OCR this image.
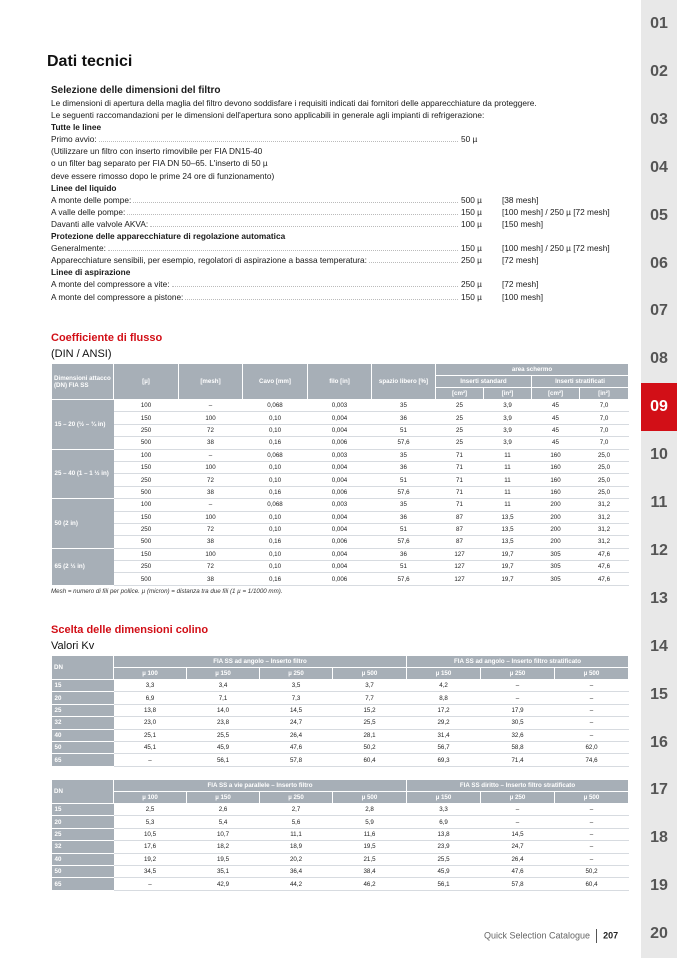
01
02
03
04
05
06
07
08
09
10
11
12
13
14
15
16
17
18
19
20
Dati tecnici
Selezione delle dimensioni del filtro
Le dimensioni di apertura della maglia del filtro devono soddisfare i requisiti indicati dai fornitori delle apparecchiature da proteggere.
Le seguenti raccomandazioni per le dimensioni dell'apertura sono applicabili in generale agli impianti di refrigerazione:
Tutte le linee
Primo avvio:	50 µ
(Utilizzare un filtro con inserto rimovibile per FIA DN15-40
o un filter bag separato per FIA DN 50–65. L'inserto di 50 µ
deve essere rimosso dopo le prime 24 ore di funzionamento)
Linee del liquido
A monte delle pompe:	500 µ [38 mesh]
A valle delle pompe:	150 µ [100 mesh] / 250 µ [72 mesh]
Davanti alle valvole AKVA:	100 µ [150 mesh]
Protezione delle apparecchiature di regolazione automatica
Generalmente:	150 µ [100 mesh] / 250 µ [72 mesh]
Apparecchiature sensibili, per esempio, regolatori di aspirazione a bassa temperatura:	250 µ [72 mesh]
Linee di aspirazione
A monte del compressore a vite:	250 µ [72 mesh]
A monte del compressore a pistone:	150 µ [100 mesh]
Coefficiente di flusso
(DIN / ANSI)
Dimensioni attacco (DN) FIA SS	[µ]	[mesh]	Cavo [mm]	filo [in]	spazio libero [%]	area schermo			
						Inserti standard		Inserti stratificati	
						[cm²]	[in²]	[cm²]	[in²]
15 – 20 (½ – ¾ in)	100	–	0,068	0,003	35	25	3,9	45	7,0
	150	100	0,10	0,004	36	25	3,9	45	7,0
	250	72	0,10	0,004	51	25	3,9	45	7,0
	500	38	0,16	0,006	57,6	25	3,9	45	7,0
25 – 40 (1 – 1 ½ in)	100	–	0,068	0,003	35	71	11	160	25,0
	150	100	0,10	0,004	36	71	11	160	25,0
	250	72	0,10	0,004	51	71	11	160	25,0
	500	38	0,16	0,006	57,6	71	11	160	25,0
50 (2 in)	100	–	0,068	0,003	35	71	11	200	31,2
	150	100	0,10	0,004	36	87	13,5	200	31,2
	250	72	0,10	0,004	51	87	13,5	200	31,2
	500	38	0,16	0,006	57,6	87	13,5	200	31,2
65 (2 ½ in)	150	100	0,10	0,004	36	127	19,7	305	47,6
	250	72	0,10	0,004	51	127	19,7	305	47,6
	500	38	0,16	0,006	57,6	127	19,7	305	47,6
Mesh = numero di fili per pollice. µ (micron) = distanza tra due fili (1 µ = 1/1000 mm).
Scelta delle dimensioni colino
Valori Kv
DN	FIA SS ad angolo – Inserto filtro				FIA SS ad angolo – Inserto filtro stratificato		
	µ 100	µ 150	µ 250	µ 500	µ 150	µ 250	µ 500
15	3,3	3,4	3,5	3,7	4,2	–	–
20	6,9	7,1	7,3	7,7	8,8	–	–
25	13,8	14,0	14,5	15,2	17,2	17,9	–
32	23,0	23,8	24,7	25,5	29,2	30,5	–
40	25,1	25,5	26,4	28,1	31,4	32,6	–
50	45,1	45,9	47,6	50,2	56,7	58,8	62,0
65	–	56,1	57,8	60,4	69,3	71,4	74,6
DN	FIA SS a vie parallele – Inserto filtro				FIA SS diritto – Inserto filtro stratificato		
	µ 100	µ 150	µ 250	µ 500	µ 150	µ 250	µ 500
15	2,5	2,6	2,7	2,8	3,3	–	–
20	5,3	5,4	5,6	5,9	6,9	–	–
25	10,5	10,7	11,1	11,6	13,8	14,5	–
32	17,6	18,2	18,9	19,5	23,9	24,7	–
40	19,2	19,5	20,2	21,5	25,5	26,4	–
50	34,5	35,1	36,4	38,4	45,9	47,6	50,2
65	–	42,9	44,2	46,2	56,1	57,8	60,4
Quick Selection Catalogue 207
